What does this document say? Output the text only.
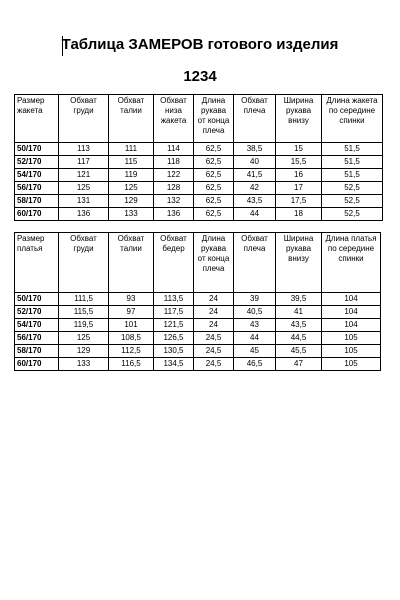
Таблица ЗАМЕРОВ готового изделия
1234
Размер жакета	Обхват груди	Обхват талии	Обхват низа жакета	Длина рукава от конца плеча	Обхват плеча	Ширина рукава внизу	Длина жакета по середине спинки
50/170	113	111	114	62,5	38,5	15	51,5
52/170	117	115	118	62,5	40	15,5	51,5
54/170	121	119	122	62,5	41,5	16	51,5
56/170	125	125	128	62,5	42	17	52,5
58/170	131	129	132	62,5	43,5	17,5	52,5
60/170	136	133	136	62,5	44	18	52,5
Размер платья	Обхват груди	Обхват талии	Обхват бедер	Длина рукава от конца плеча	Обхват плеча	Ширина рукава внизу	Длина платья по середине спинки
50/170	111,5	93	113,5	24	39	39,5	104
52/170	115,5	97	117,5	24	40,5	41	104
54/170	119,5	101	121,5	24	43	43,5	104
56/170	125	108,5	126,5	24,5	44	44,5	105
58/170	129	112,5	130,5	24,5	45	45,5	105
60/170	133	116,5	134,5	24,5	46,5	47	105
